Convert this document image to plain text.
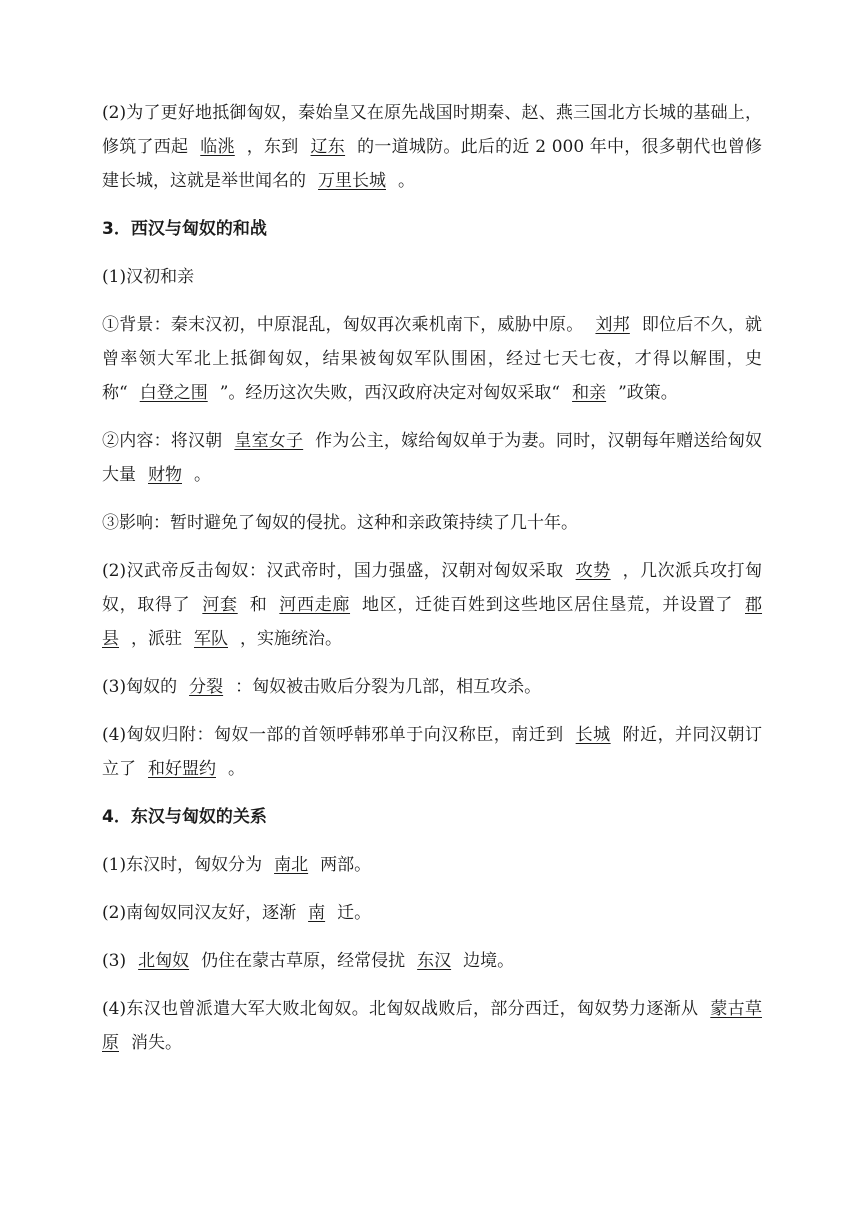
(2)为了更好地抵御匈奴，秦始皇又在原先战国时期秦、赵、燕三国北方长城的基础上，修筑了西起 临洮 ，东到 辽东 的一道城防。此后的近 2 000 年中，很多朝代也曾修建长城，这就是举世闻名的 万里长城 。

3．西汉与匈奴的和战

(1)汉初和亲

①背景：秦末汉初，中原混乱，匈奴再次乘机南下，威胁中原。 刘邦 即位后不久，就曾率领大军北上抵御匈奴，结果被匈奴军队围困，经过七天七夜，才得以解围，史称“ 白登之围 ”。经历这次失败，西汉政府决定对匈奴采取“ 和亲 ”政策。

②内容：将汉朝 皇室女子 作为公主，嫁给匈奴单于为妻。同时，汉朝每年赠送给匈奴大量 财物 。

③影响：暂时避免了匈奴的侵扰。这种和亲政策持续了几十年。

(2)汉武帝反击匈奴：汉武帝时，国力强盛，汉朝对匈奴采取 攻势 ，几次派兵攻打匈奴，取得了 河套 和 河西走廊 地区，迁徙百姓到这些地区居住垦荒，并设置了 郡县 ，派驻 军队 ，实施统治。

(3)匈奴的 分裂 ：匈奴被击败后分裂为几部，相互攻杀。

(4)匈奴归附：匈奴一部的首领呼韩邪单于向汉称臣，南迁到 长城 附近，并同汉朝订立了 和好盟约 。

4．东汉与匈奴的关系

(1)东汉时，匈奴分为 南北 两部。

(2)南匈奴同汉友好，逐渐 南 迁。

(3) 北匈奴 仍住在蒙古草原，经常侵扰 东汉 边境。

(4)东汉也曾派遣大军大败北匈奴。北匈奴战败后，部分西迁，匈奴势力逐渐从 蒙古草原 消失。
